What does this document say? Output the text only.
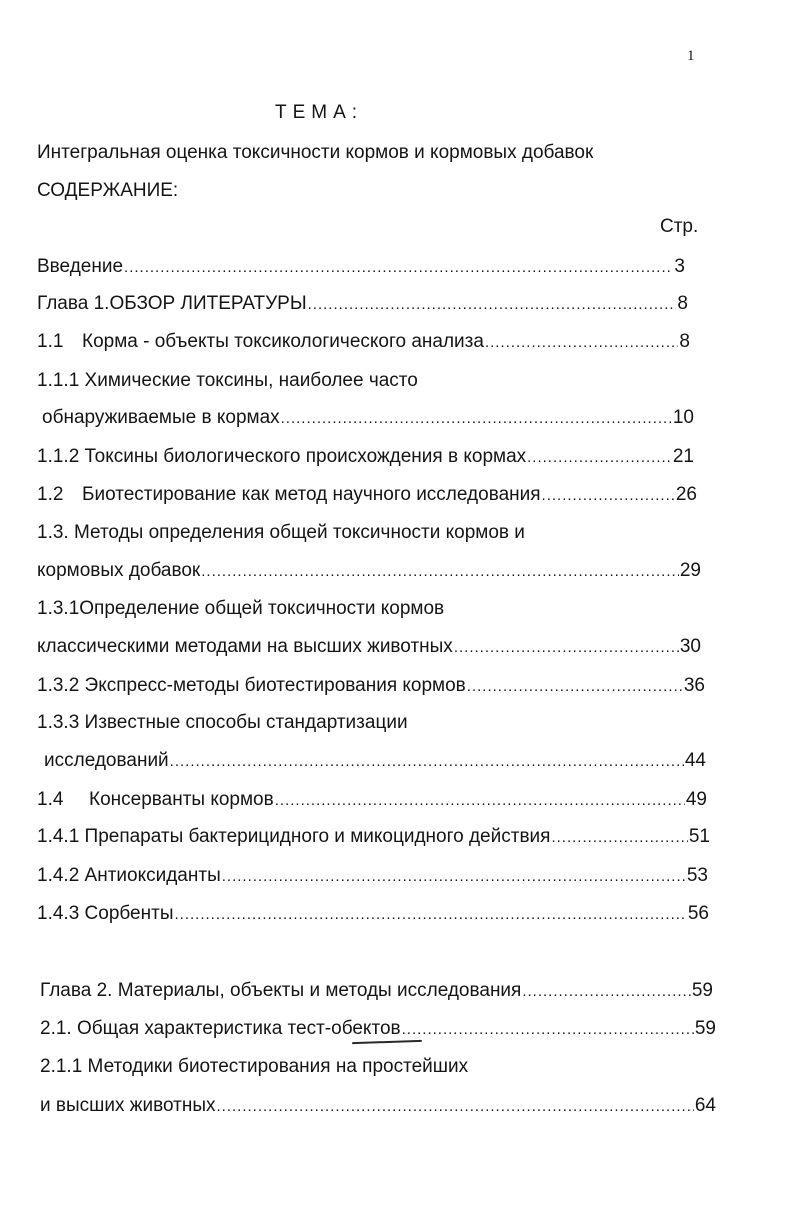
1
ТЕМА:
Интегральная оценка токсичности кормов и кормовых добавок
СОДЕРЖАНИЕ:
Стр.
Введение .....	3
Глава 1.ОБЗОР ЛИТЕРАТУРЫ .....	8
1.1 Корма - объекты токсикологического анализа .....	8
1.1.1 Химические токсины, наиболее часто
обнаруживаемые в кормах .....	10
1.1.2 Токсины биологического происхождения в кормах .....	21
1.2 Биотестирование как метод научного исследования .....	26
1.3. Методы определения общей токсичности кормов и
кормовых добавок .....	29
1.3.1Определение общей токсичности кормов
классическими методами на высших животных .....	30
1.3.2 Экспресс-методы биотестирования кормов .....	36
1.3.3 Известные способы стандартизации
исследований .....	44
1.4	Консерванты кормов .....	49
1.4.1 Препараты бактерицидного и микоцидного действия .....	51
1.4.2 Антиоксиданты .....	53
1.4.3 Сорбенты .....	56
Глава 2. Материалы, объекты и методы исследования .....	59
2.1. Общая характеристика тест-обектов .....	59
2.1.1 Методики биотестирования на простейших
и высших животных .....	64
